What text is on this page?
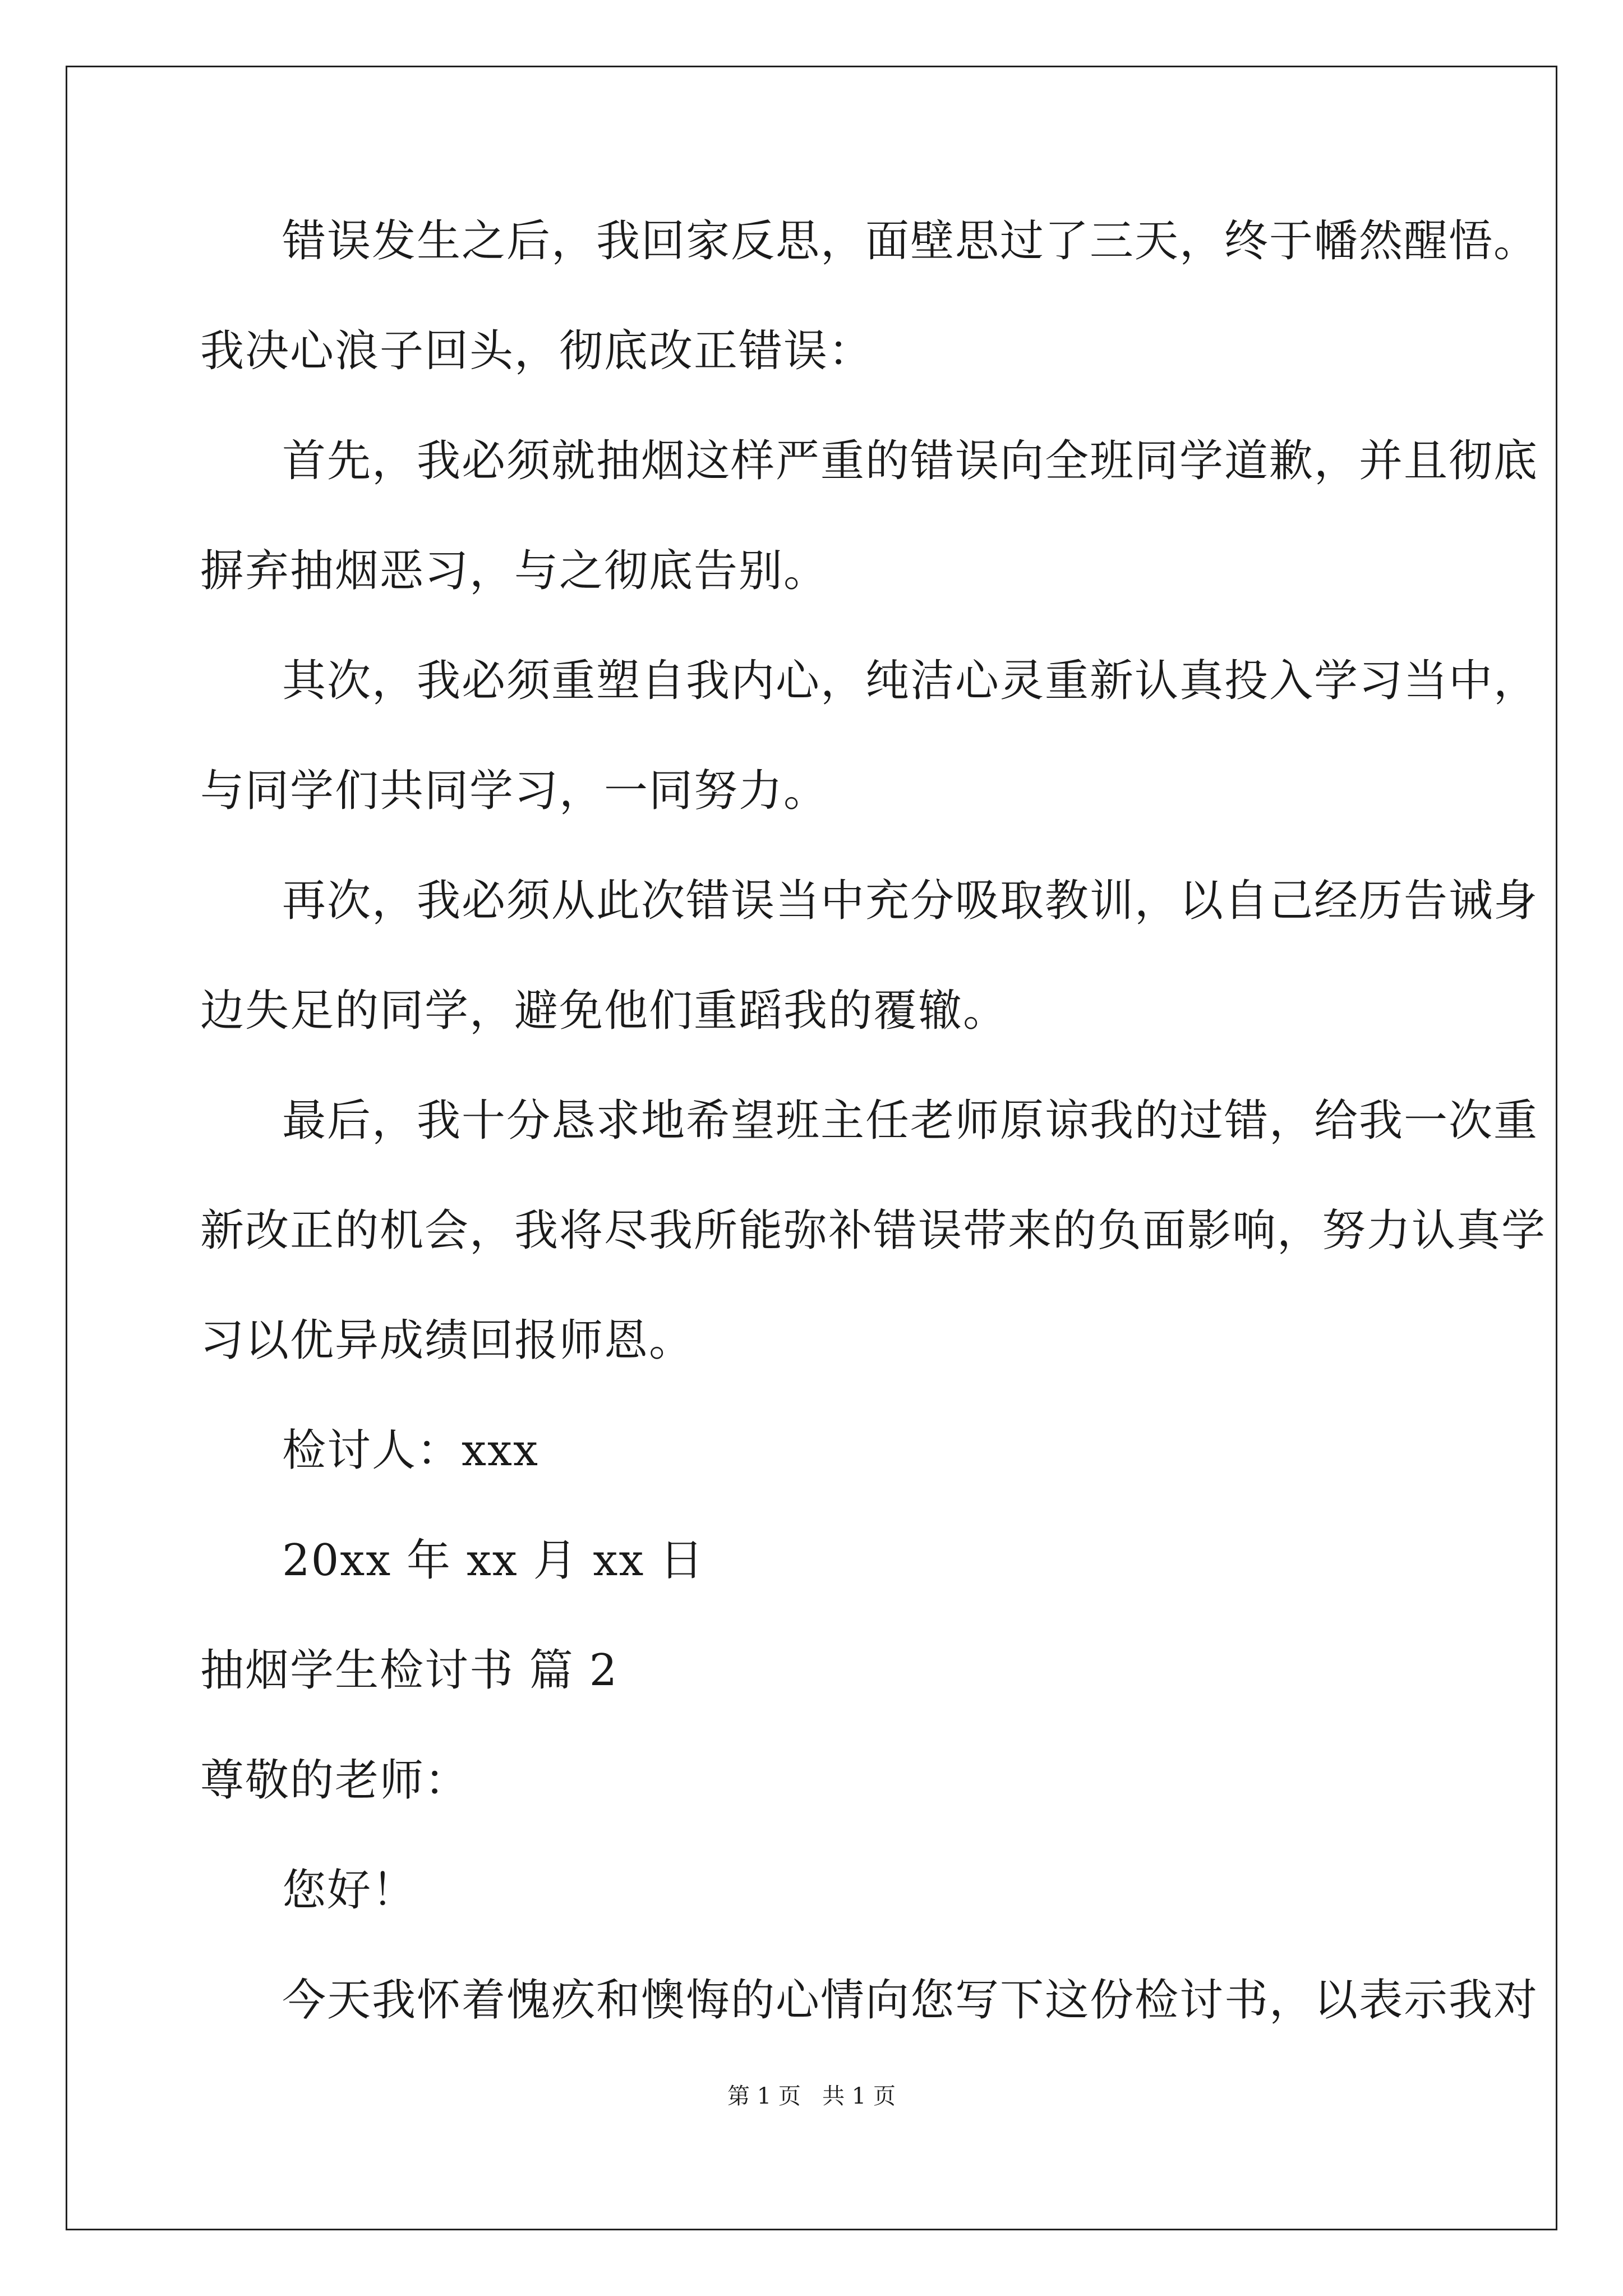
错误发生之后，我回家反思，面壁思过了三天，终于幡然醒悟。
我决心浪子回头，彻底改正错误：
首先，我必须就抽烟这样严重的错误向全班同学道歉，并且彻底
摒弃抽烟恶习，与之彻底告别。
其次，我必须重塑自我内心，纯洁心灵重新认真投入学习当中，
与同学们共同学习，一同努力。
再次，我必须从此次错误当中充分吸取教训，以自己经历告诫身
边失足的同学，避免他们重蹈我的覆辙。
最后，我十分恳求地希望班主任老师原谅我的过错，给我一次重
新改正的机会，我将尽我所能弥补错误带来的负面影响，努力认真学
习以优异成绩回报师恩。
检讨人：xxx
20xx 年 xx 月 xx 日
抽烟学生检讨书 篇 2
尊敬的老师：
您好！
今天我怀着愧疚和懊悔的心情向您写下这份检讨书，以表示我对
第 1 页   共 1 页
